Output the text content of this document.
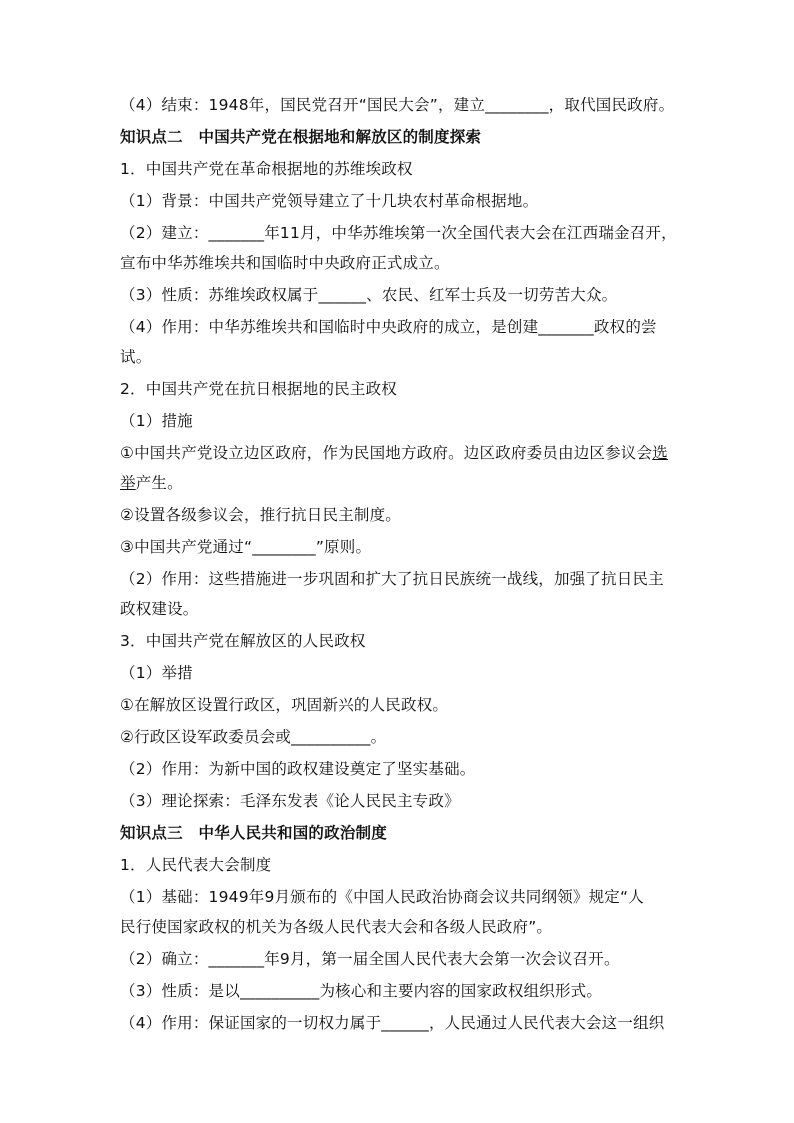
（4）结束：1948年，国民党召开“国民大会”，建立________，取代国民政府。
知识点二　中国共产党在根据地和解放区的制度探索
1．中国共产党在革命根据地的苏维埃政权
（1）背景：中国共产党领导建立了十几块农村革命根据地。
（2）建立：_______年11月，中华苏维埃第一次全国代表大会在江西瑞金召开，
宣布中华苏维埃共和国临时中央政府正式成立。
（3）性质：苏维埃政权属于______、农民、红军士兵及一切劳苦大众。
（4）作用：中华苏维埃共和国临时中央政府的成立，是创建_______政权的尝
试。
2．中国共产党在抗日根据地的民主政权
（1）措施
①中国共产党设立边区政府，作为民国地方政府。边区政府委员由边区参议会选
举产生。
②设置各级参议会，推行抗日民主制度。
③中国共产党通过“________”原则。
（2）作用：这些措施进一步巩固和扩大了抗日民族统一战线，加强了抗日民主
政权建设。
3．中国共产党在解放区的人民政权
（1）举措
①在解放区设置行政区，巩固新兴的人民政权。
②行政区设军政委员会或__________。
（2）作用：为新中国的政权建设奠定了坚实基础。
（3）理论探索：毛泽东发表《论人民民主专政》
知识点三　中华人民共和国的政治制度
1．人民代表大会制度
（1）基础：1949年9月颁布的《中国人民政治协商会议共同纲领》规定“人
民行使国家政权的机关为各级人民代表大会和各级人民政府”。
（2）确立：_______年9月，第一届全国人民代表大会第一次会议召开。
（3）性质：是以__________为核心和主要内容的国家政权组织形式。
（4）作用：保证国家的一切权力属于______，人民通过人民代表大会这一组织
